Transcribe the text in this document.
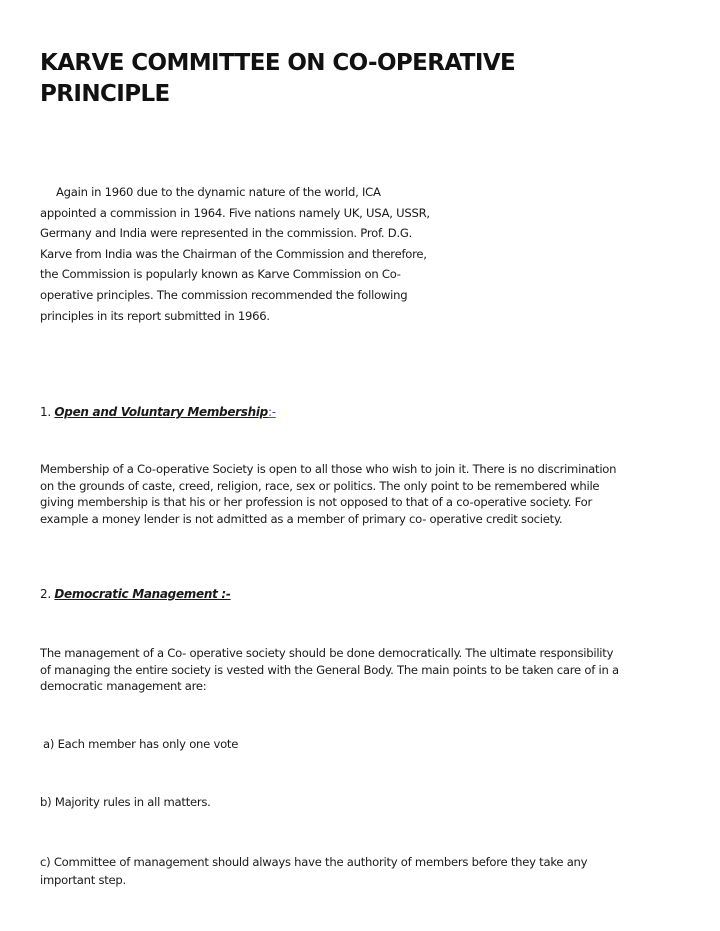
KARVE COMMITTEE ON CO-OPERATIVE PRINCIPLE

Again in 1960 due to the dynamic nature of the world, ICA appointed a commission in 1964. Five nations namely UK, USA, USSR, Germany and India were represented in the commission. Prof. D.G. Karve from India was the Chairman of the Commission and therefore, the Commission is popularly known as Karve Commission on Co-operative principles. The commission recommended the following principles in its report submitted in 1966.

1. Open and Voluntary Membership:-

Membership of a Co-operative Society is open to all those who wish to join it. There is no discrimination on the grounds of caste, creed, religion, race, sex or politics. The only point to be remembered while giving membership is that his or her profession is not opposed to that of a co-operative society. For example a money lender is not admitted as a member of primary co- operative credit society.

2. Democratic Management :-

The management of a Co- operative society should be done democratically. The ultimate responsibility of managing the entire society is vested with the General Body. The main points to be taken care of in a democratic management are:

a) Each member has only one vote

b) Majority rules in all matters.

c) Committee of management should always have the authority of members before they take any important step.
